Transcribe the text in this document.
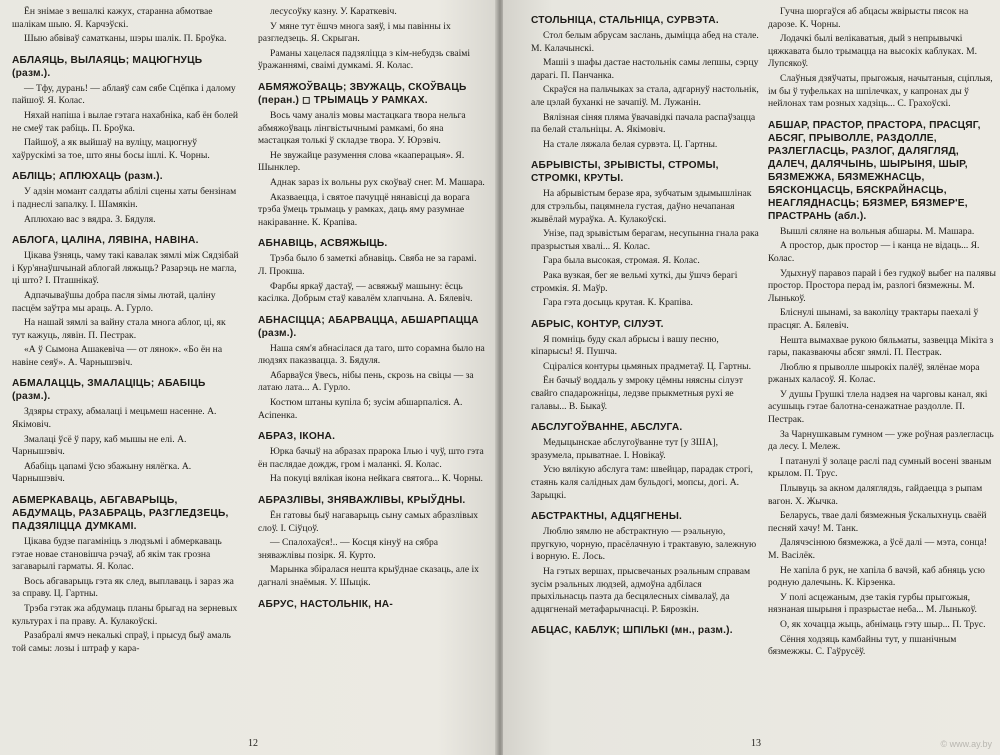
Ён знімае з вешалкі кажух, старанна абмотвае шалікам шыю. Я. Карчэўскі.

Шыю абвіваў саматканы, шэры шалік. П. Броўка.

АБЛАЯЦЬ, ВЫЛАЯЦЬ; МАЦЮГНУЦЬ (разм.).

— Тфу, дурань! — аблаяў сам сябе Сцёпка і далому пайшоў. Я. Колас.

Няхай напіша і вылае гэтага нахабніка, каб ён болей не смеў так рабіць. П. Броўка.

Пайшоў, а як выйшаў на вуліцу, мацюгнуў хаўрускімі за тое, што яны босы ішлі. К. Чорны.

АБЛІЦЬ; АПЛЮХАЦЬ (разм.).

У адзін момант салдаты аблілі сцены хаты бензінам і паднеслі запалку. І. Шамякін.

Аплюхаю вас з вядра. З. Бядуля.

АБЛОГА, ЦАЛІНА, ЛЯВІНА, НАВІНА.

Цікава ўзняць, чаму такі кавалак зямлі між Сядзібай і Кур'янаўшчынай аблогай ляжыць? Разарэць не магла, ці што? І. Пташнікаў.

Адпачываўшы добра пасля зімы лютай, цаліну пасцём заўтра мы араць. А. Гурло.

На нашай зямлі за вайну стала многа аблог, ці, як тут кажуць, лявін. П. Пестрак.

«А ў Сымона Ашакевіча — от лянок». «Бо ён на навіне сеяў». А. Чарнышэвіч.

АБМАЛАЦЦЬ, ЗМАЛАЦІЦЬ; АБАБІЦЬ (разм.).

Здзяры страху, абмалаці і мецьмеш насенне. А. Якімовіч.

Змалаці ўсё ў пару, каб мышы не елі. А. Чарнышэвіч.

Абабіць цапамі ўсю збажыну нялёгка. А. Чарнышэвіч.

АБМЕРКАВАЦЬ, АБГАВАРЫЦЬ, АБДУМАЦЬ, РАЗАБРАЦЬ, РАЗГЛЕДЗЕЦЬ, ПАДЗЯЛІЦЦА ДУМКАМІ.

Цікава будзе пагамініць з людзьмі і абмеркаваць гэтае новае становішча рэчаў, аб якім так грозна загаварылі гарматы. Я. Колас.

Вось абгаварыць гэта як след, выплаваць і зараз жа за справу. Ц. Гартны.

Трэба гэтак жа абдумаць планы брыгад на зерневых культурах і па праву. А. Кулакоўскі.

Разабралі ямчэ некалькі спраў, і прысуд быў амаль той самы: лозы і штраф у кара-

лесусоўку казну. У. Караткевіч.

У мяне тут ёшчэ многа заяў, і мы павінны іх разгледзець. Я. Скрыган.

Раманы хацелася падзяліцца з кім-небудзь сваімі ўражаннямі, сваімі думкамі. Я. Колас.

АБМЯЖОЎВАЦЬ; ЗВУЖАЦЬ, СКОЎВАЦЬ (перан.) ◻ ТРЫМАЦЬ У РАМКАХ.

Вось чаму аналіз мовы мастацкага твора нельга абмяжоўваць лінгвістычнымі рамкамі, бо яна мастацкая толькі ў складзе твора. У. Юрэвіч.

Не звужайце разумення слова «кааперацыя». Я. Шынклер.

Аднак зараз іх вольны рух скоўваў снег. М. Машара.

Аказваецца, і святое пачуццё нянавісці да ворага трэба ўмець трымаць у рамках, даць яму разумнае накіраванне. К. Крапіва.

АБНАВІЦЬ, АСВЯЖЫЦЬ.

Трэба было б заметкі абнавіць. Свяба не за гарамі. Л. Прокша.

Фарбы яркаў дастаў, — асвяжыў машыну: ёсць касілка. Добрым стаў кавалём хлапчына. А. Бялевіч.

АБНАСІЦЦА; АБАРВАЦЦА, АБШАРПАЦЦА (разм.).

Наша сям'я абнасілася да таго, што сорамна было на людзях паказвацца. З. Бядуля.

Абарваўся ўвесь, нібы пень, скрозь на свіцы — за латаю лата... А. Гурло.

Костюм штаны купіла б; зусім абшарпаліся. А. Асіпенка.

АБРАЗ, ІКОНА.

Юрка бачыў на абразах прарока Ілью і чуў, што гэта ён паслядае дождж, гром і маланкі. Я. Колас.

На покуці вялікая ікона нейкага святога... К. Чорны.

АБРАЗЛІВЫ, ЗНЯВАЖЛІВЫ, КРЫЎДНЫ.

Ён гатовы быў нагаварыць сыну самых абразлівых слоў. І. Сіўцоў.

— Спалохаўся!.. — Косця кінуў на сябра зняважлівы позірк. Я. Курто.

Марынка збіралася нешта крыўднае сказаць, але іх дагналі знаёмыя. У. Шыцік.

АБРУС, НАСТОЛЬНІК, НА-
12
СТОЛЬНІЦА, СТАЛЬНІЦА, СУРВЭТА.

Стол белым абрусам заслань, дыміцца абед на сталe. М. Калачынскі.

Машіі з шафы дастае настольнік самы лепшы, сэрцу дарагі. П. Панчанка.

Скраўся на пальчыках за стала, адгарнуў настольнік, але цэлай буханкі не зачапіў. М. Лужанін.

Вялізная сіняя пляма ўвачавідкі пачала распаўзацца па белай стальніцы. А. Якімовіч.

На стале ляжала белая сурвэта. Ц. Гартны.

АБРЫВІСТЫ, ЗРЫВІСТЫ, СТРОМЫ, СТРОМКІ, КРУТЫ.

На абрывістым беразе яра, зубчатым здымышлінак для стрэльбы, пацямнела густая, даўно нечапаная жывёлай мураўка. А. Кулакоўскі.

Унізе, пад зрывістым берагам, несупынна гнала рака празрыстыя хвалі... Я. Колас.

Гара была высокая, стромая. Я. Колас.

Рака вузкая, бег яе вельмі хуткі, ды ўшчэ берагі стромкія. Я. Маўр.

Гара гэта досыць крутая. К. Крапіва.

АБРЫС, КОНТУР, СІЛУЭТ.

Я помніць буду скал абрысы і вашу песню, кіпарысы! Я. Пушча.

Сціраліся контуры цьмяных прадметаў. Ц. Гартны.

Ён бачыў воддаль у змроку цёмны няясны сілуэт свайго спадарожніцы, ледзве прыкметныя рухі яе галавы... В. Быкаў.

АБСЛУГОЎВАННЕ, АБСЛУГА.

Медыцынскае абслугоўванне тут [у ЗША], зразумела, прыватнае. І. Новікаў.

Усю вялікую абслуга там: швейцар, парадак строгі, стаянь каля салідных дам бульдогі, мопсы, догі. А. Зарыцкі.

АБСТРАКТНЫ, АДЦЯГНЕНЫ.

Люблю зямлю не абстрактную — рэальную, пругкую, чорную, прасёлачную і трактавую, залежную і ворную. Е. Лось.

На гэтых вершах, прысвечаных рэальным справам зусім рэальных людзей, адмоўна адбілася прыхільнасць паэта да бесцялесных сімвалаў, да адцягненай метафарычнасці. Р. Бярозкін.

АБЦАС, КАБЛУК; ШПІЛЬКІ (мн., разм.).

Гучна шоргаўся аб абцасы жвірысты пясок на дарозе. К. Чорны.

Лодачкі былі велікаватыя, дый з непрывычкі цяжкавата было трымацца на высокіх каблуках. М. Лупсякоў.

Слаўныя дзяўчаты, прыгожыя, начытаныя, сціплыя, ім бы ў туфельках на шпілечках, у капронах ды ў нейлонах там розных хадзіць... С. Грахоўскі.

АБШАР, ПРАСТОР, ПРАСТОРА, ПРАСЦЯГ, АБСЯГ, ПРЫВОЛЛЕ, РАЗДОЛЛЕ, РАЗЛЕГЛАСЦЬ, РАЗЛОГ, ДАЛЯГЛЯД, ДАЛЕЧ, ДАЛЯЧЫНЬ, ШЫРЫНЯ, ШЫР, БЯЗМЕЖЖА, БЯЗМЕЖНАСЦЬ, БЯСКОНЦАСЦЬ, БЯСКРАЙНАСЦЬ, НЕАГЛЯДНАСЦЬ; БЯЗМЕР, БЯЗМЕР'Е, ПРАСТРАНЬ (абл.).

Вышлі сяляне на вольныя абшары. М. Машара.

А простор, дык простор — і канца не відаць... Я. Колас.

Удыхнуў паравоз парай і без гудкоў выбег на палявы простор. Простора перад ім, разлогі бязмежны. М. Лынькоў.

Бліснулі шынамі, за ваколіцу трактары паехалі ў прасцяг. А. Бялевіч.

Нешта вымахвае рукою бяльматы, зазвецца Мікіта з гары, паказваючы абсяг зямлі. П. Пестрак.

Люблю я прыволле шырокіх палёў, зялёнае мора ржаных каласоў. Я. Колас.

У душы Грушкі тлела надзея на чарговы канал, які асушыць гэтае балотна-сенажатнае раздолле. П. Пестрак.

За Чарнушкавым гумном — уже роўная разлегласць да лесу. І. Мележ.

І патанулі ў золаце раслі пад сумный восені званым крылом. П. Трус.

Плывуць за акном даляглядзь, гайдаецца з рыпам вагон. Х. Жычка.

Беларусь, твае далі бязмежныя ўскалыхнуць сваёй песняй хачу! М. Танк.

Далячэсінюю бязмежжа, а ўсё далі — мэта, сонца! М. Васілёк.

Не хапіла б рук, не хапіла б вачэй, каб абняць усю родную далечынь. К. Кірэенка.

У полі асцежаным, дзе такія гурбы прыгожыя, нязнаная шырыня і празрыстае неба... М. Лынькоў.

О, як хочацца жыць, абнімаць гэту шыр... П. Трус.

Сёння ходзяць камбайны тут, у пшанічным бязмежжы. С. Гаўрусёў.

13	© www.ay.by
